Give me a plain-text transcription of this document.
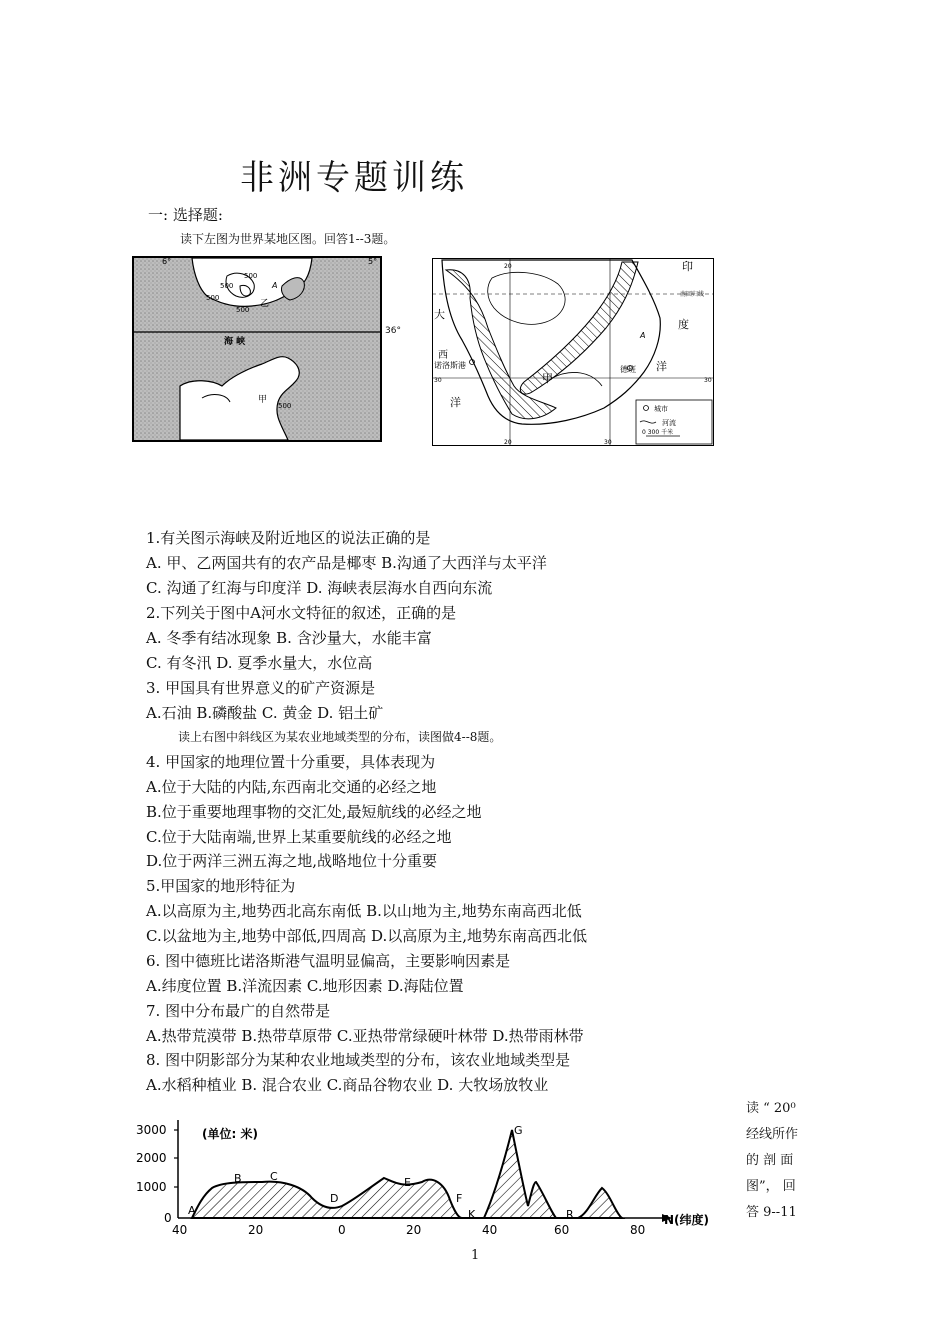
非洲专题训练
一: 选择题:
读下左图为世界某地区图。回答1--3题。
6°	5°
海 峡
500
500
500
500
A
乙
甲
500
36°
印
度
洋
南回归线
大
西
诺洛斯港
洋
甲
德班
A
20
20	30
30
30
城市
河流
0 300 千米
1.有关图示海峡及附近地区的说法正确的是
A. 甲、乙两国共有的农产品是椰枣 B.沟通了大西洋与太平洋
C. 沟通了红海与印度洋 D. 海峡表层海水自西向东流
2.下列关于图中A河水文特征的叙述，正确的是
A. 冬季有结冰现象 B. 含沙量大，水能丰富
C. 有冬汛 D. 夏季水量大，水位高
3. 甲国具有世界意义的矿产资源是
A.石油 B.磷酸盐 C. 黄金 D. 铝土矿
读上右图中斜线区为某农业地域类型的分布，读图做4--8题。
4. 甲国家的地理位置十分重要，具体表现为
A.位于大陆的内陆,东西南北交通的必经之地
B.位于重要地理事物的交汇处,最短航线的必经之地
C.位于大陆南端,世界上某重要航线的必经之地
D.位于两洋三洲五海之地,战略地位十分重要
5.甲国家的地形特征为
A.以高原为主,地势西北高东南低 B.以山地为主,地势东南高西北低
C.以盆地为主,地势中部低,四周高 D.以高原为主,地势东南高西北低
6. 图中德班比诺洛斯港气温明显偏高，主要影响因素是
A.纬度位置 B.洋流因素 C.地形因素 D.海陆位置
7. 图中分布最广的自然带是
A.热带荒漠带 B.热带草原带 C.亚热带常绿硬叶林带 D.热带雨林带
8. 图中阴影部分为某种农业地域类型的分布，该农业地域类型是
A.水稻种植业 B. 混合农业 C.商品谷物农业 D. 大牧场放牧业
读 “ 20⁰
经线所作
的 剖 面
图”， 回
答 9--11
(单位: 米)
3000
2000
1000
0
40	20	0	20	40	60	80
N(纬度)
A
B	C
D
E
F
K
G
R
1
